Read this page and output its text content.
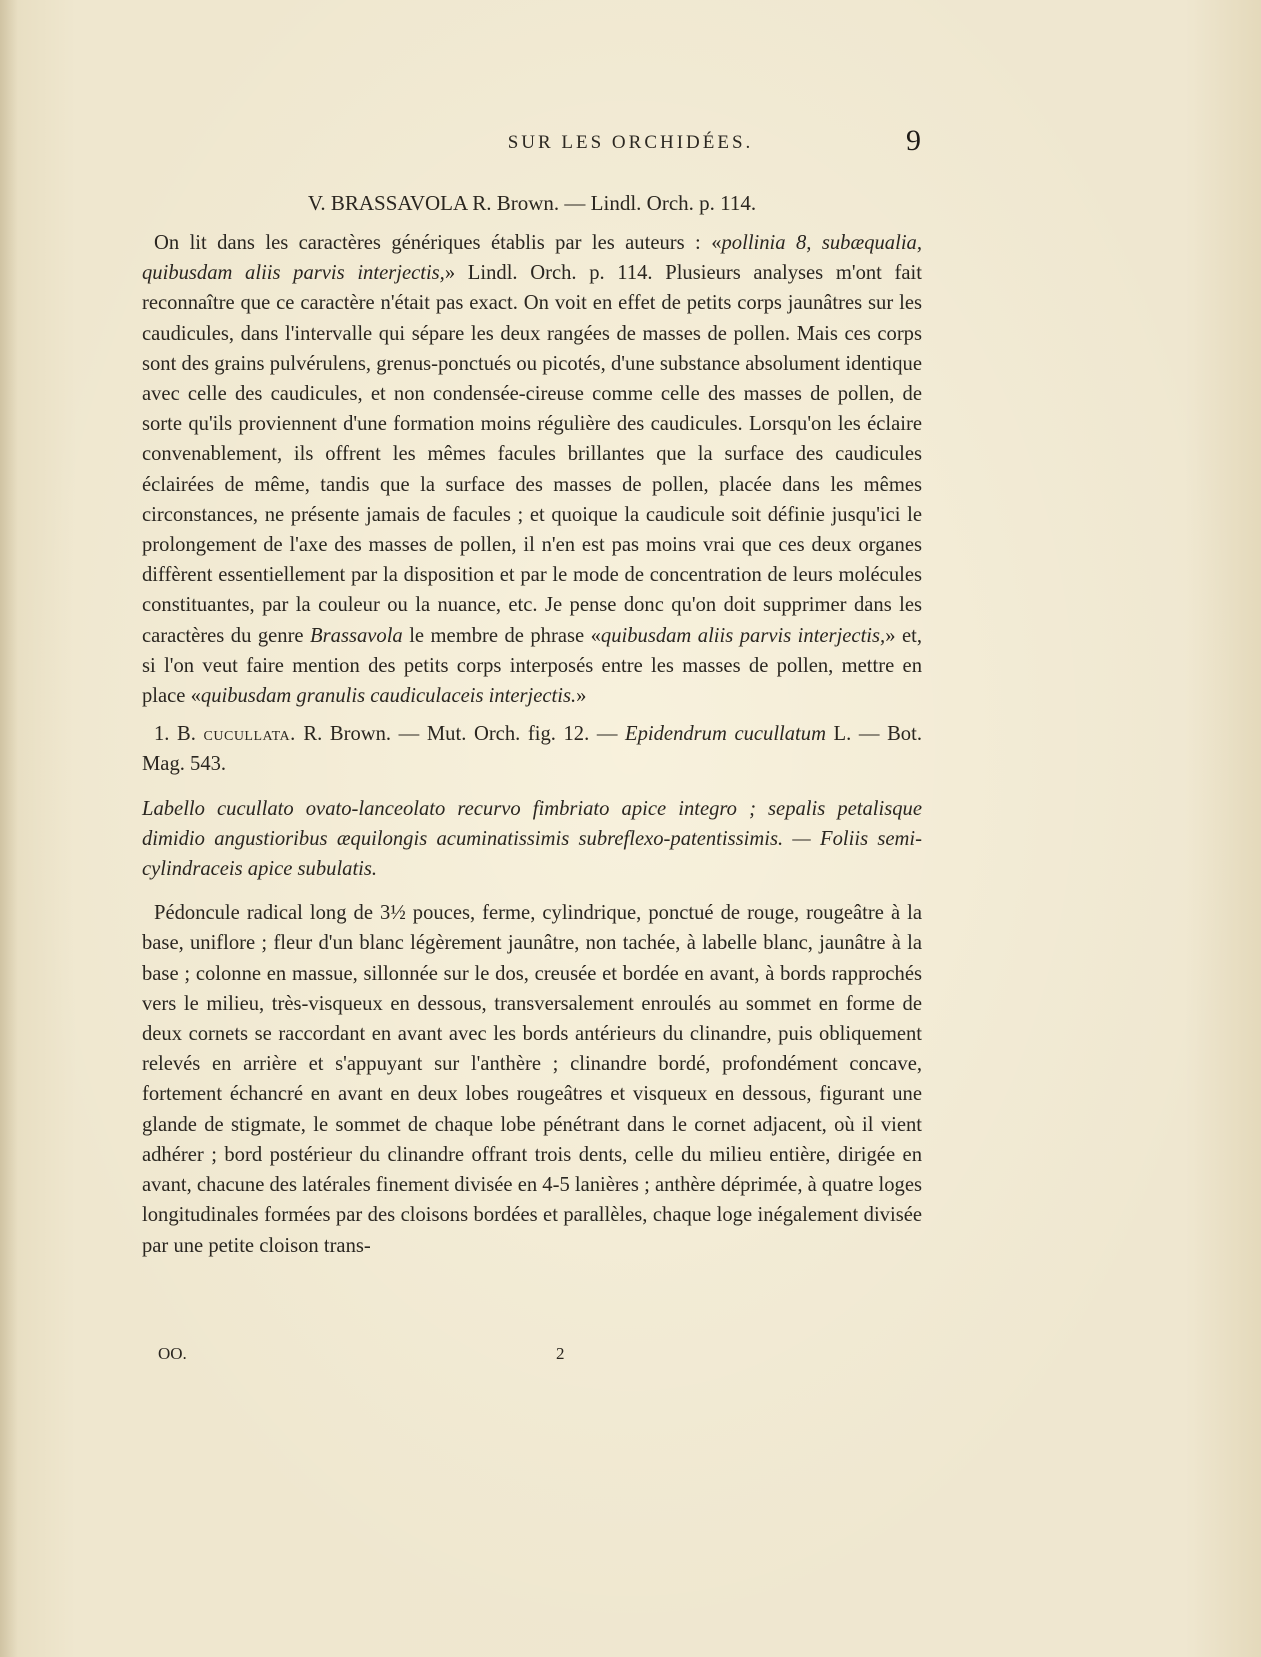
SUR LES ORCHIDÉES.	9
V. BRASSAVOLA R. Brown. — Lindl. Orch. p. 114.

On lit dans les caractères génériques établis par les auteurs : «pollinia 8, subæqualia, quibusdam aliis parvis interjectis,» Lindl. Orch. p. 114. Plusieurs analyses m'ont fait reconnaître que ce caractère n'était pas exact. On voit en effet de petits corps jaunâtres sur les caudicules, dans l'intervalle qui sépare les deux rangées de masses de pollen. Mais ces corps sont des grains pulvérulens, grenus-ponctués ou picotés, d'une substance absolument identique avec celle des caudicules, et non condensée-cireuse comme celle des masses de pollen, de sorte qu'ils proviennent d'une formation moins régulière des caudicules. Lorsqu'on les éclaire convenablement, ils offrent les mêmes facules brillantes que la surface des caudicules éclairées de même, tandis que la surface des masses de pollen, placée dans les mêmes circonstances, ne présente jamais de facules ; et quoique la caudicule soit définie jusqu'ici le prolongement de l'axe des masses de pollen, il n'en est pas moins vrai que ces deux organes diffèrent essentiellement par la disposition et par le mode de concentration de leurs molécules constituantes, par la couleur ou la nuance, etc. Je pense donc qu'on doit supprimer dans les caractères du genre Brassavola le membre de phrase «quibusdam aliis parvis interjectis,» et, si l'on veut faire mention des petits corps interposés entre les masses de pollen, mettre en place «quibusdam granulis caudiculaceis interjectis.»

1. B. cucullata. R. Brown. — Mut. Orch. fig. 12. — Epidendrum cucullatum L. — Bot. Mag. 543.

Labello cucullato ovato-lanceolato recurvo fimbriato apice integro ; sepalis petalisque dimidio angustioribus æquilongis acuminatissimis subreflexo-patentissimis. — Foliis semi-cylindraceis apice subulatis.

Pédoncule radical long de 3½ pouces, ferme, cylindrique, ponctué de rouge, rougeâtre à la base, uniflore ; fleur d'un blanc légèrement jaunâtre, non tachée, à labelle blanc, jaunâtre à la base ; colonne en massue, sillonnée sur le dos, creusée et bordée en avant, à bords rapprochés vers le milieu, très-visqueux en dessous, transversalement enroulés au sommet en forme de deux cornets se raccordant en avant avec les bords antérieurs du clinandre, puis obliquement relevés en arrière et s'appuyant sur l'anthère ; clinandre bordé, profondément concave, fortement échancré en avant en deux lobes rougeâtres et visqueux en dessous, figurant une glande de stigmate, le sommet de chaque lobe pénétrant dans le cornet adjacent, où il vient adhérer ; bord postérieur du clinandre offrant trois dents, celle du milieu entière, dirigée en avant, chacune des latérales finement divisée en 4-5 lanières ; anthère déprimée, à quatre loges longitudinales formées par des cloisons bordées et parallèles, chaque loge inégalement divisée par une petite cloison trans-

OO.	2
